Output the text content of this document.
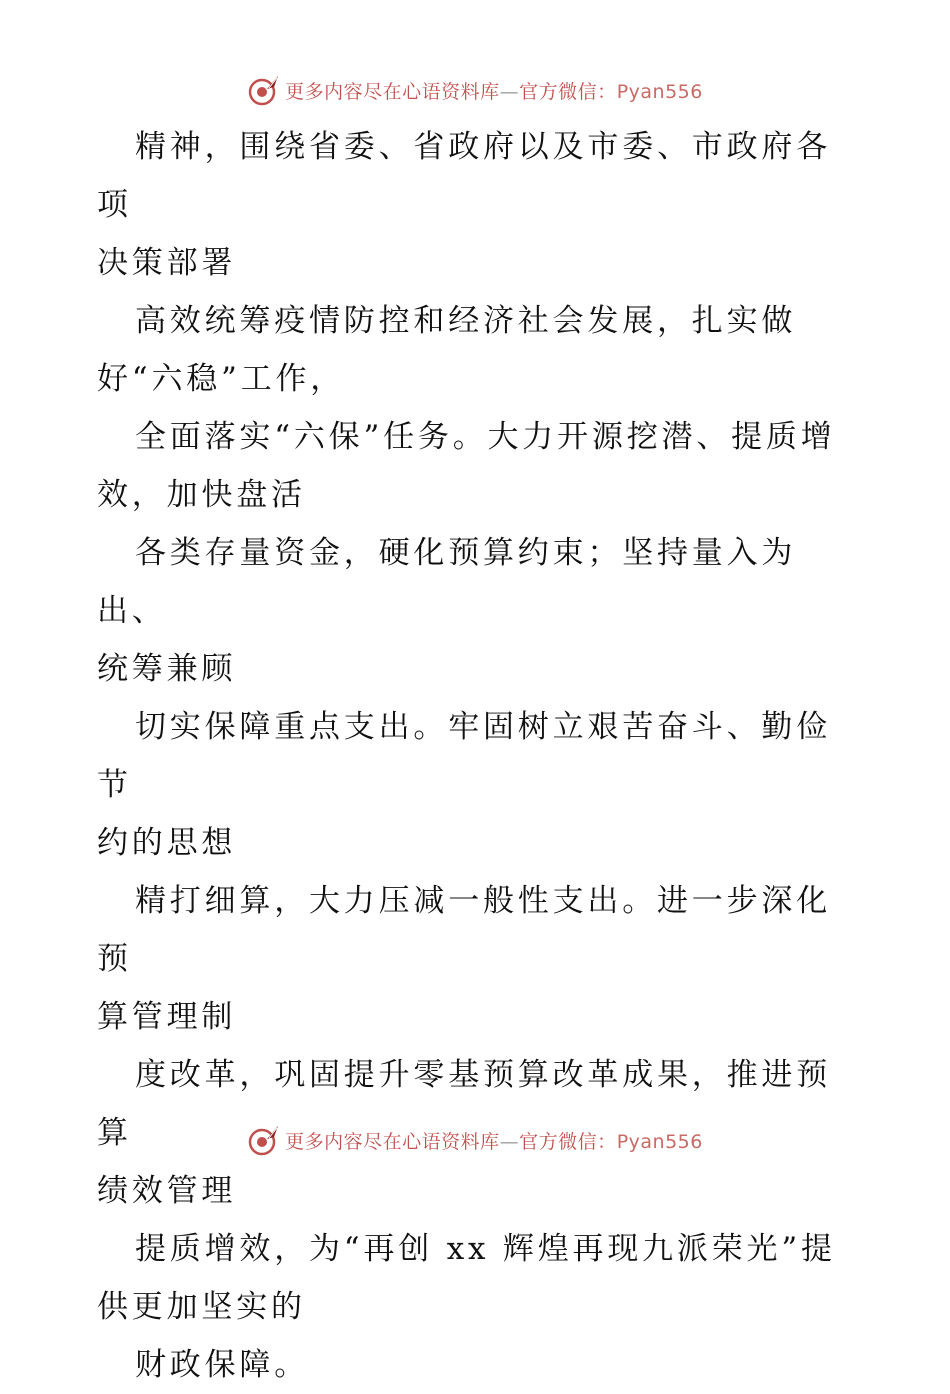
更多内容尽在心语资料库—官方微信：Pyan556

精神，围绕省委、省政府以及市委、市政府各项
决策部署

高效统筹疫情防控和经济社会发展，扎实做
好“六稳”工作，

全面落实“六保”任务。大力开源挖潜、提质增
效，加快盘活

各类存量资金，硬化预算约束；坚持量入为出、
统筹兼顾

切实保障重点支出。牢固树立艰苦奋斗、勤俭节
约的思想

精打细算，大力压减一般性支出。进一步深化预
算管理制

度改革，巩固提升零基预算改革成果，推进预算
绩效管理

提质增效，为“再创 xx 辉煌再现九派荣光”提
供更加坚实的

财政保障。

更多内容尽在心语资料库—官方微信：Pyan556
